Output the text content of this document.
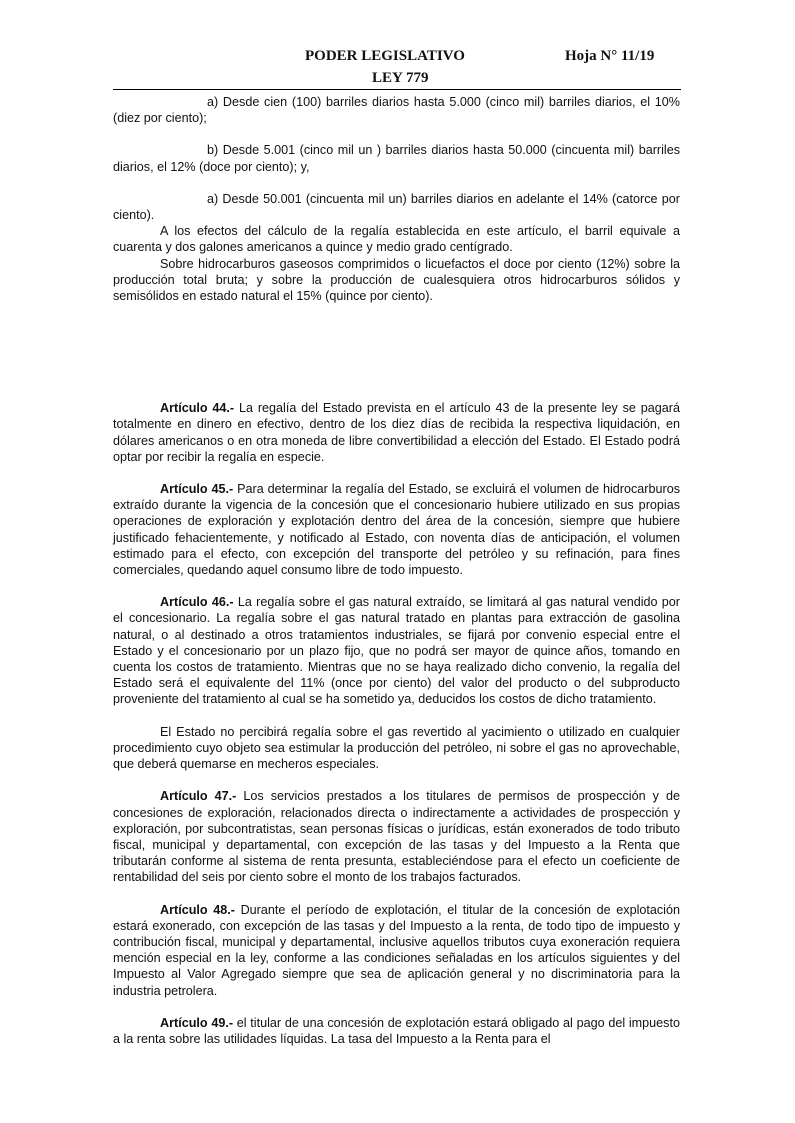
PODER LEGISLATIVO	Hoja N° 11/19
LEY 779

a) Desde cien (100) barriles diarios hasta 5.000 (cinco mil) barriles diarios, el 10% (diez por ciento);

b) Desde 5.001 (cinco mil un ) barriles diarios hasta 50.000 (cincuenta mil) barriles diarios, el 12% (doce por ciento); y,

a) Desde 50.001 (cincuenta mil un) barriles diarios en adelante el 14% (catorce por ciento).

A los efectos del cálculo de la regalía establecida en este artículo, el barril equivale a cuarenta y dos galones americanos a quince y medio grado centígrado.

Sobre hidrocarburos gaseosos comprimidos o licuefactos el doce por ciento (12%) sobre la producción total bruta; y sobre la producción de cualesquiera otros hidrocarburos sólidos y semisólidos en estado natural el 15% (quince por ciento).

Artículo 44.- La regalía del Estado prevista en el artículo 43 de la presente ley se pagará totalmente en dinero en efectivo, dentro de los diez días de recibida la respectiva liquidación, en dólares americanos o en otra moneda de libre convertibilidad a elección del Estado. El Estado podrá optar por recibir la regalía en especie.

Artículo 45.- Para determinar la regalía del Estado, se excluirá el volumen de hidrocarburos extraído durante la vigencia de la concesión que el concesionario hubiere utilizado en sus propias operaciones de exploración y explotación dentro del área de la concesión, siempre que hubiere justificado fehacientemente, y notificado al Estado, con noventa días de anticipación, el volumen estimado para el efecto, con excepción del transporte del petróleo y su refinación, para fines comerciales, quedando aquel consumo libre de todo impuesto.

Artículo 46.- La regalía sobre el gas natural extraído, se limitará al gas natural vendido por el concesionario. La regalía sobre el gas natural tratado en plantas para extracción de gasolina natural, o al destinado a otros tratamientos industriales, se fijará por convenio especial entre el Estado y el concesionario por un plazo fijo, que no podrá ser mayor de quince años, tomando en cuenta los costos de tratamiento. Mientras que no se haya realizado dicho convenio, la regalía del Estado será el equivalente del 11% (once por ciento) del valor del producto o del subproducto proveniente del tratamiento al cual se ha sometido ya, deducidos los costos de dicho tratamiento.

El Estado no percibirá regalía sobre el gas revertido al yacimiento o utilizado en cualquier procedimiento cuyo objeto sea estimular la producción del petróleo, ni sobre el gas no aprovechable, que deberá quemarse en mecheros especiales.

Artículo 47.- Los servicios prestados a los titulares de permisos de prospección y de concesiones de exploración, relacionados directa o indirectamente a actividades de prospección y exploración, por subcontratistas, sean personas físicas o jurídicas, están exonerados de todo tributo fiscal, municipal y departamental, con excepción de las tasas y del Impuesto a la Renta que tributarán conforme al sistema de renta presunta, estableciéndose para el efecto un coeficiente de rentabilidad del seis por ciento sobre el monto de los trabajos facturados.

Artículo 48.- Durante el período de explotación, el titular de la concesión de explotación estará exonerado, con excepción de las tasas y del Impuesto a la renta, de todo tipo de impuesto y contribución fiscal, municipal y departamental, inclusive aquellos tributos cuya exoneración requiera mención especial en la ley, conforme a las condiciones señaladas en los artículos siguientes y del Impuesto al Valor Agregado siempre que sea de aplicación general y no discriminatoria para la industria petrolera.

Artículo 49.- el titular de una concesión de explotación estará obligado al pago del impuesto a la renta sobre las utilidades líquidas. La tasa del Impuesto a la Renta para el
